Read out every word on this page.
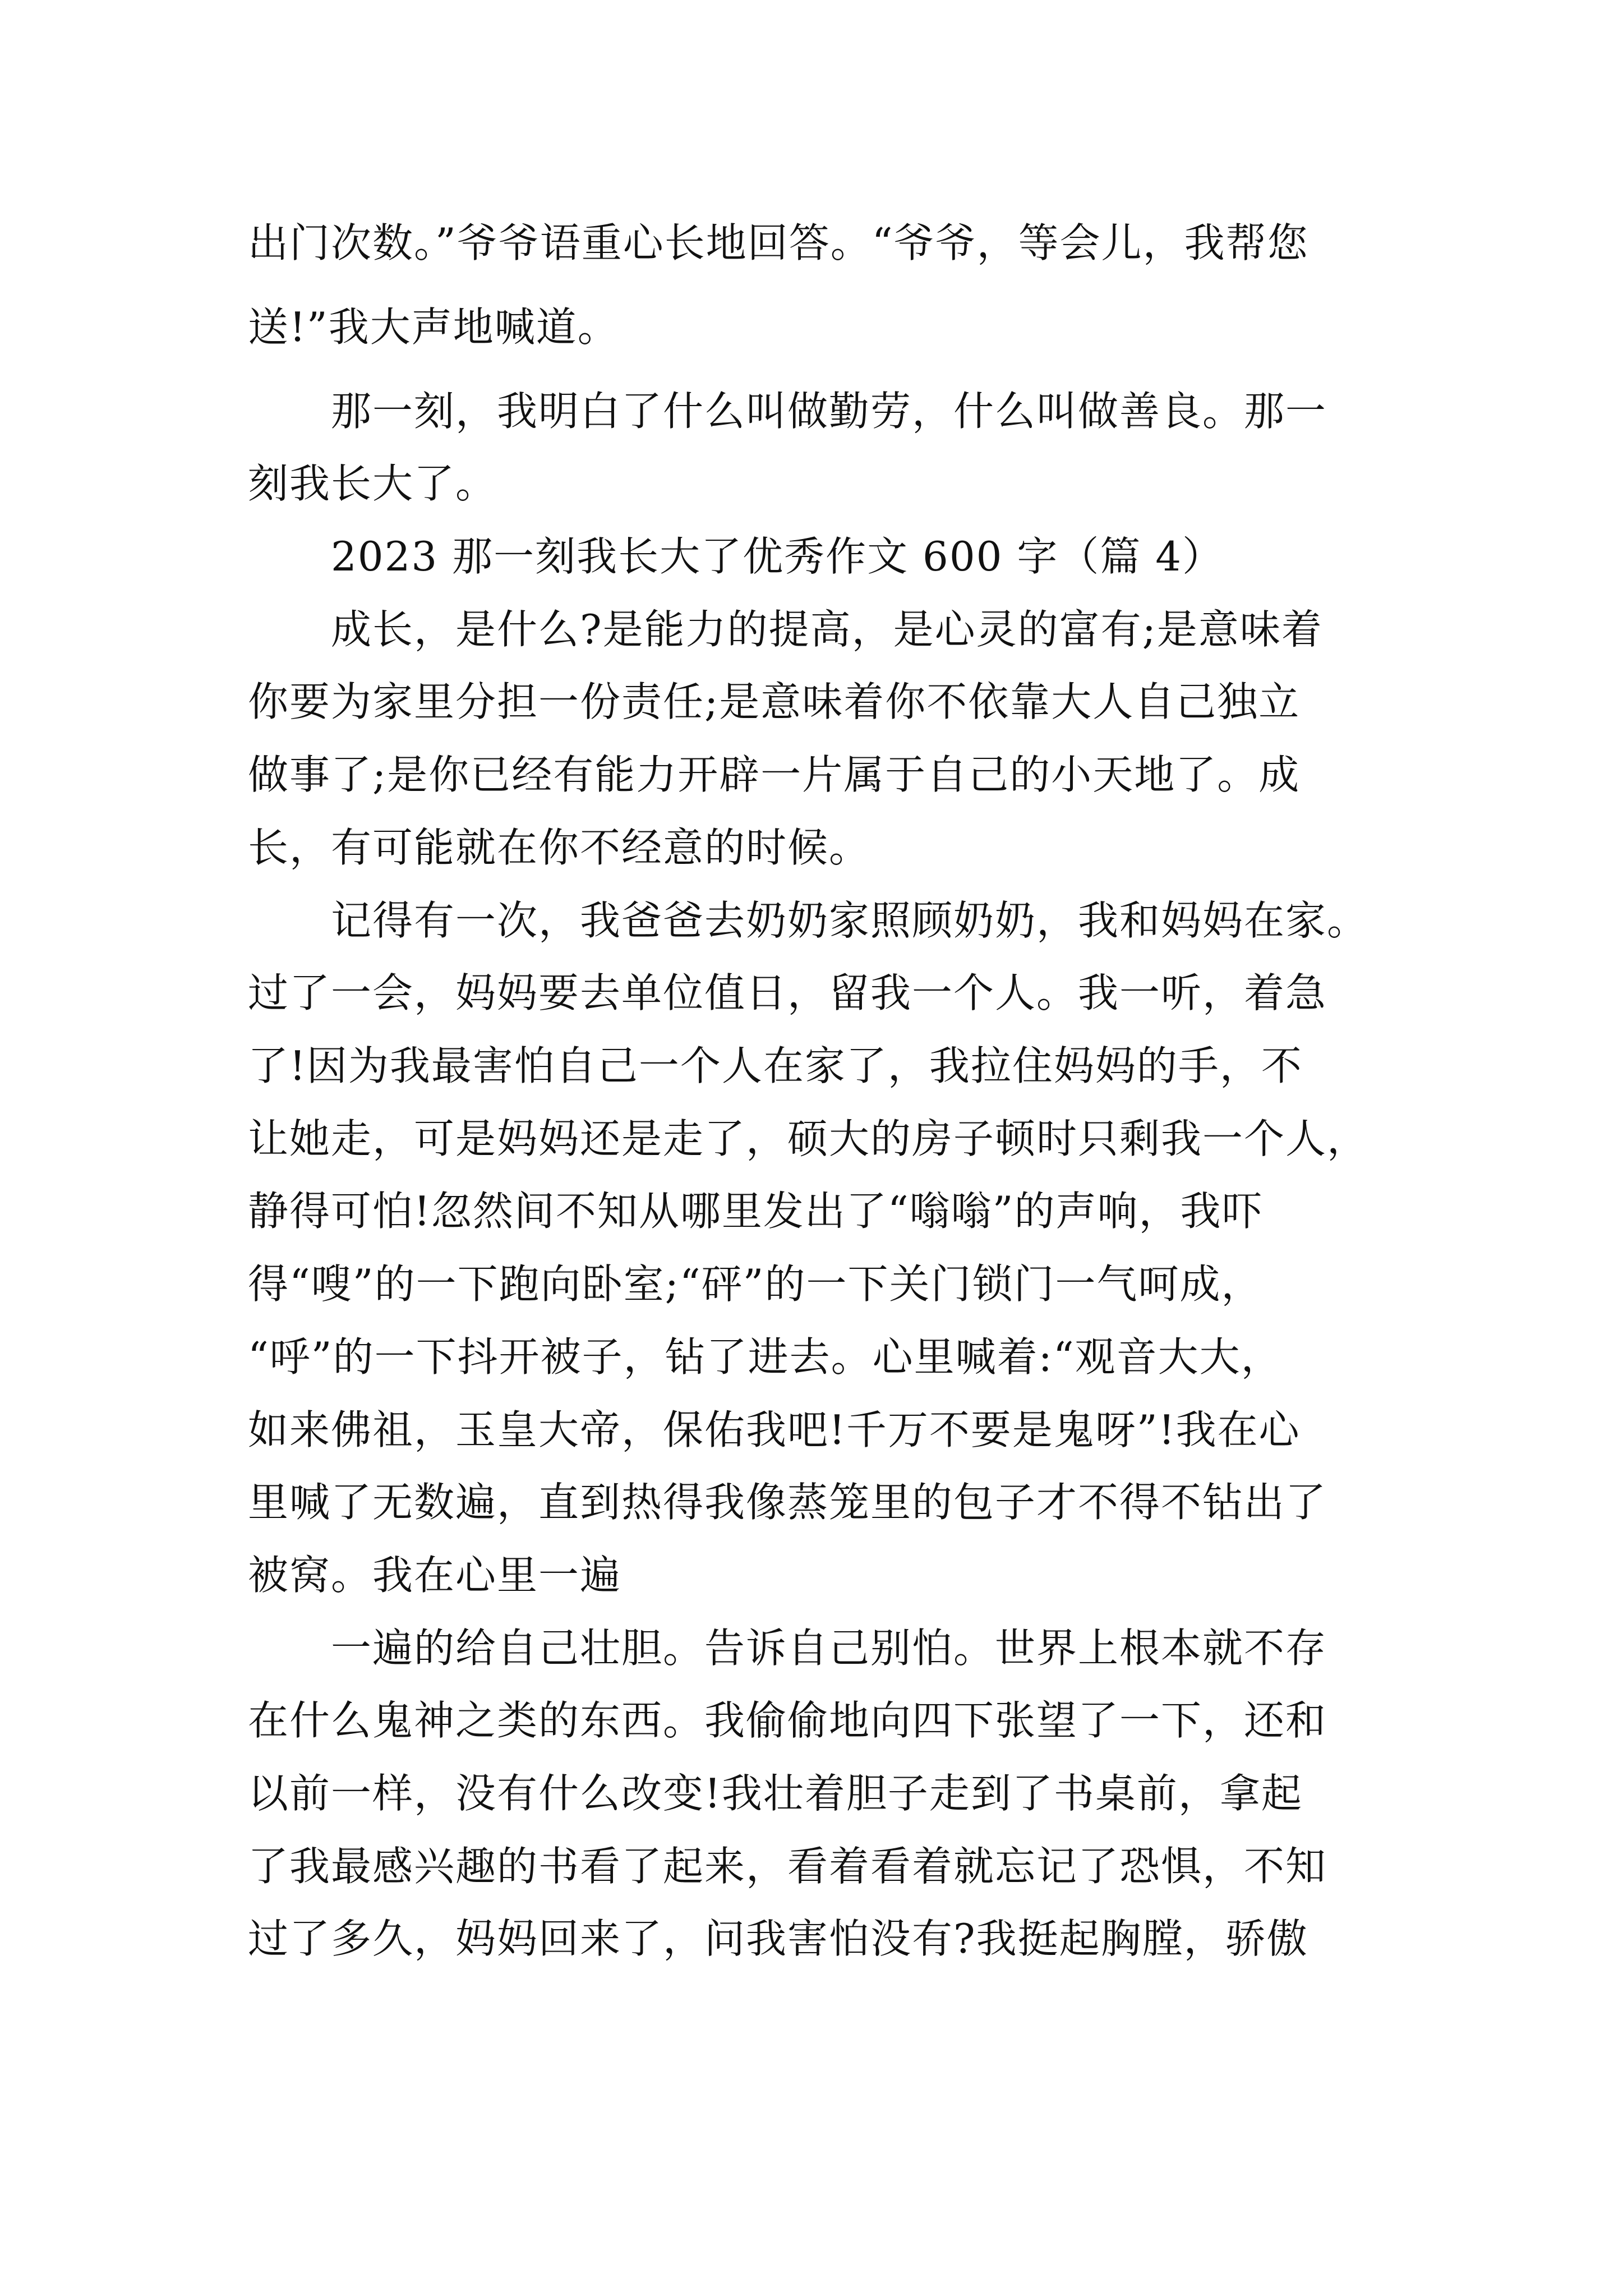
出门次数。”爷爷语重心长地回答。“爷爷，等会儿，我帮您

送!”我大声地喊道。

那一刻，我明白了什么叫做勤劳，什么叫做善良。那一

刻我长大了。

2023 那一刻我长大了优秀作文 600 字（篇 4）

成长，是什么?是能力的提高，是心灵的富有;是意味着

你要为家里分担一份责任;是意味着你不依靠大人自己独立

做事了;是你已经有能力开辟一片属于自己的小天地了。成

长，有可能就在你不经意的时候。

记得有一次，我爸爸去奶奶家照顾奶奶，我和妈妈在家。

过了一会，妈妈要去单位值日，留我一个人。我一听，着急

了!因为我最害怕自己一个人在家了，我拉住妈妈的手，不

让她走，可是妈妈还是走了，硕大的房子顿时只剩我一个人，

静得可怕!忽然间不知从哪里发出了“嗡嗡”的声响，我吓

得“嗖”的一下跑向卧室;“砰”的一下关门锁门一气呵成，

“呼”的一下抖开被子，钻了进去。心里喊着:“观音大大，

如来佛祖，玉皇大帝，保佑我吧!千万不要是鬼呀”!我在心

里喊了无数遍，直到热得我像蒸笼里的包子才不得不钻出了

被窝。我在心里一遍

一遍的给自己壮胆。告诉自己别怕。世界上根本就不存

在什么鬼神之类的东西。我偷偷地向四下张望了一下，还和

以前一样，没有什么改变!我壮着胆子走到了书桌前，拿起

了我最感兴趣的书看了起来，看着看着就忘记了恐惧，不知

过了多久，妈妈回来了，问我害怕没有?我挺起胸膛，骄傲
